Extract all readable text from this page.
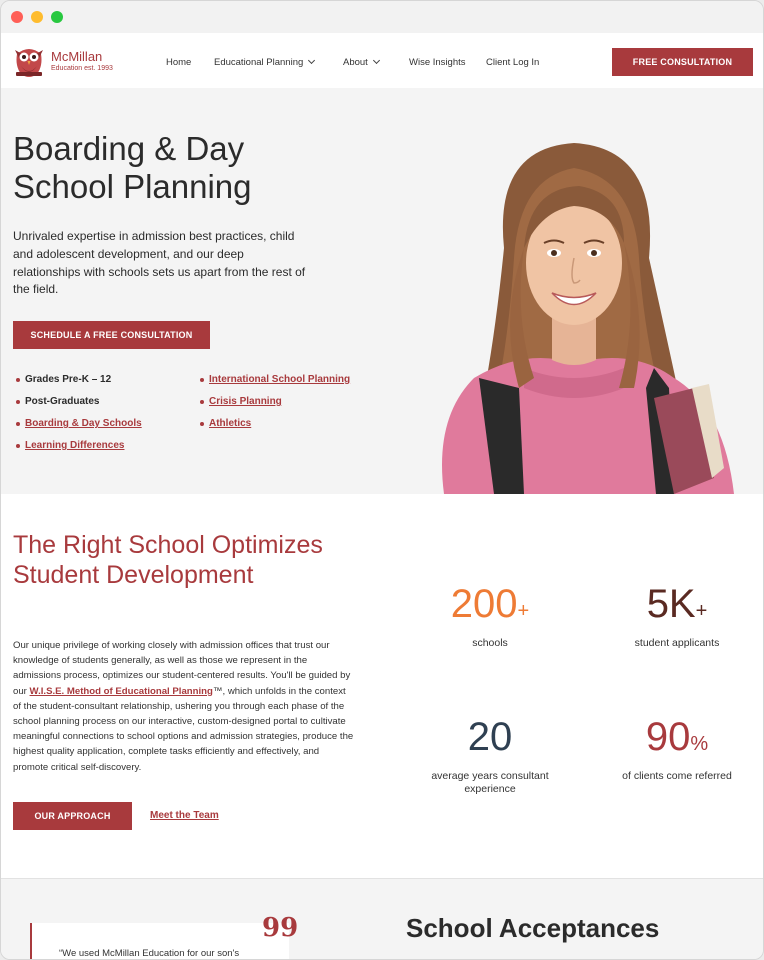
McMillan
Education est. 1993
Home Educational Planning	About	Wise Insights Client Log In	FREE CONSULTATION
Boarding & Day School Planning

Unrivaled expertise in admission best practices, child and adolescent development, and our deep relationships with schools sets us apart from the rest of the field.

SCHEDULE A FREE CONSULTATION
Grades Pre-K – 12
Post-Graduates
Boarding & Day Schools
Learning Differences
International School Planning
Crisis Planning
Athletics
The Right School Optimizes Student Development

Our unique privilege of working closely with admission offices that trust our knowledge of students generally, as well as those we represent in the admissions process, optimizes our student-centered results. You'll be guided by our W.I.S.E. Method of Educational Planning™, which unfolds in the context of the student-consultant relationship, ushering you through each phase of the school planning process on our interactive, custom-designed portal to cultivate meaningful connections to school options and admission strategies, produce the highest quality application, complete tasks efficiently and effectively, and promote critical self-discovery.

OUR APPROACH	Meet the Team
200+
schools
5K+
student applicants
20
average years consultant experience
90%
of clients come referred
“We used McMillan Education for our son's
99	School Acceptances
